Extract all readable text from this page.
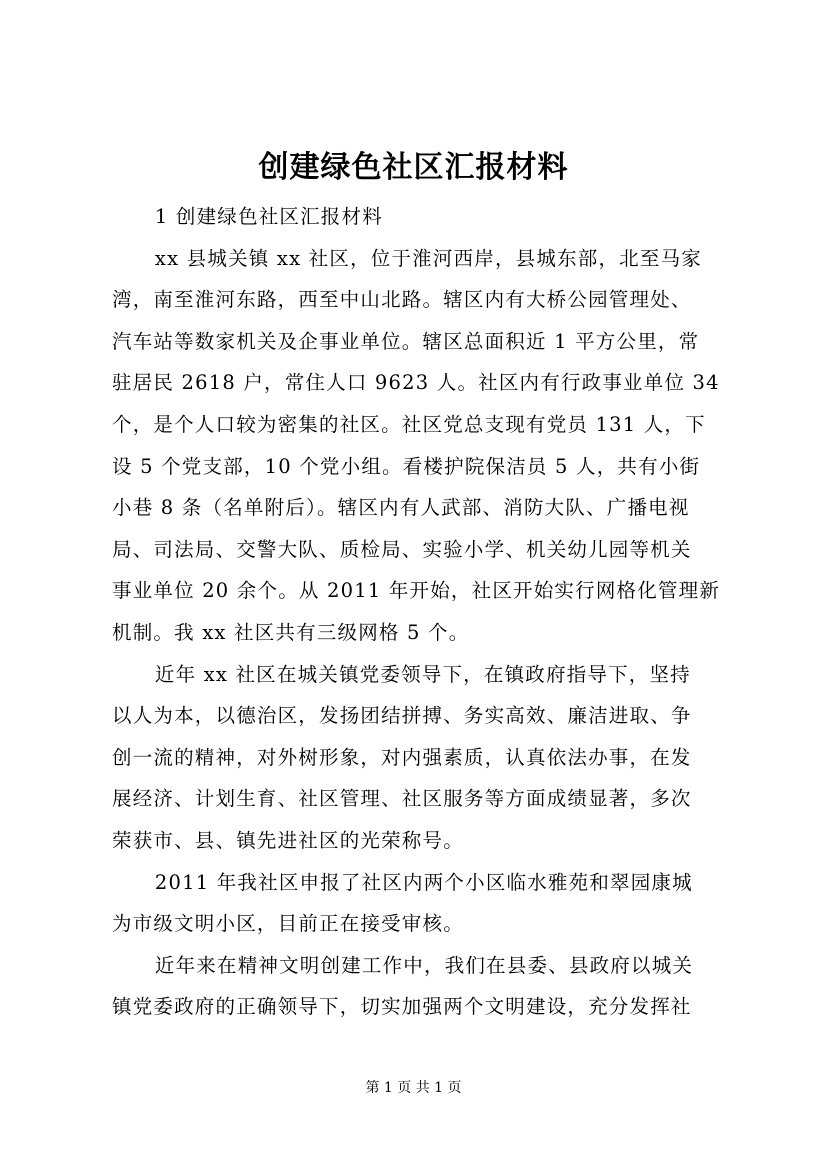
创建绿色社区汇报材料

1 创建绿色社区汇报材料

xx 县城关镇 xx 社区，位于淮河西岸，县城东部，北至马家
湾，南至淮河东路，西至中山北路。辖区内有大桥公园管理处、
汽车站等数家机关及企事业单位。辖区总面积近 1 平方公里，常
驻居民 2618 户，常住人口 9623 人。社区内有行政事业单位 34
个，是个人口较为密集的社区。社区党总支现有党员 131 人，下
设 5 个党支部，10 个党小组。看楼护院保洁员 5 人，共有小街
小巷 8 条（名单附后）。辖区内有人武部、消防大队、广播电视
局、司法局、交警大队、质检局、实验小学、机关幼儿园等机关
事业单位 20 余个。从 2011 年开始，社区开始实行网格化管理新
机制。我 xx 社区共有三级网格 5 个。

近年 xx 社区在城关镇党委领导下，在镇政府指导下，坚持
以人为本，以德治区，发扬团结拼搏、务实高效、廉洁进取、争
创一流的精神，对外树形象，对内强素质，认真依法办事，在发
展经济、计划生育、社区管理、社区服务等方面成绩显著，多次
荣获市、县、镇先进社区的光荣称号。

2011 年我社区申报了社区内两个小区临水雅苑和翠园康城
为市级文明小区，目前正在接受审核。

近年来在精神文明创建工作中，我们在县委、县政府以城关
镇党委政府的正确领导下，切实加强两个文明建设，充分发挥社

第 1 页 共 1 页
